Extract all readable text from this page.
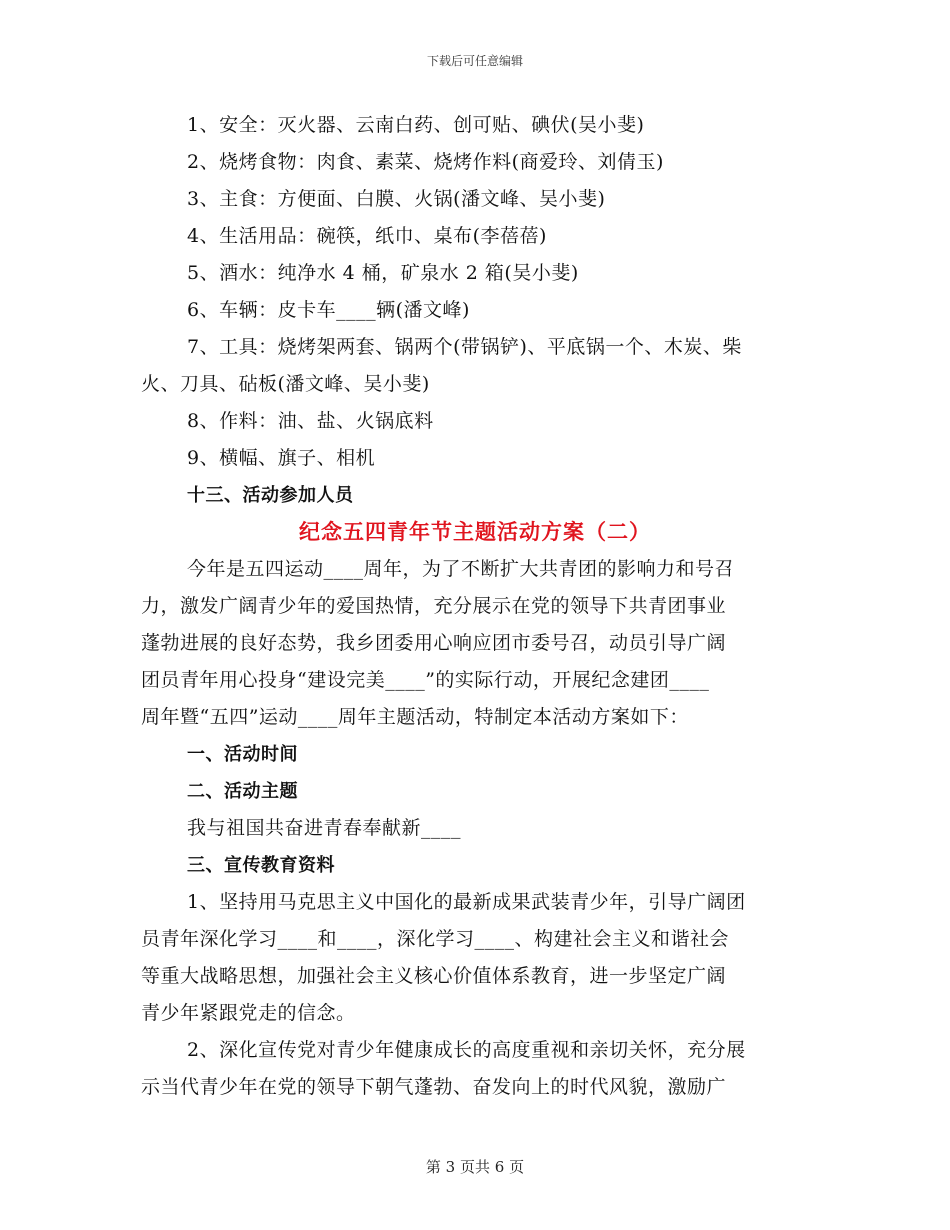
下载后可任意编辑
1、安全：灭火器、云南白药、创可贴、碘伏(吴小斐)
2、烧烤食物：肉食、素菜、烧烤作料(商爱玲、刘倩玉)
3、主食：方便面、白膜、火锅(潘文峰、吴小斐)
4、生活用品：碗筷，纸巾、桌布(李蓓蓓)
5、酒水：纯净水 4 桶，矿泉水 2 箱(吴小斐)
6、车辆：皮卡车____辆(潘文峰)
7、工具：烧烤架两套、锅两个(带锅铲)、平底锅一个、木炭、柴
火、刀具、砧板(潘文峰、吴小斐)
8、作料：油、盐、火锅底料
9、横幅、旗子、相机
十三、活动参加人员
纪念五四青年节主题活动方案（二）
今年是五四运动____周年，为了不断扩大共青团的影响力和号召
力，激发广阔青少年的爱国热情，充分展示在党的领导下共青团事业
蓬勃进展的良好态势，我乡团委用心响应团市委号召，动员引导广阔
团员青年用心投身“建设完美____”的实际行动，开展纪念建团____
周年暨“五四”运动____周年主题活动，特制定本活动方案如下：
一、活动时间
二、活动主题
我与祖国共奋进青春奉献新____
三、宣传教育资料
1、坚持用马克思主义中国化的最新成果武装青少年，引导广阔团
员青年深化学习____和____，深化学习____、构建社会主义和谐社会
等重大战略思想，加强社会主义核心价值体系教育，进一步坚定广阔
青少年紧跟党走的信念。
2、深化宣传党对青少年健康成长的高度重视和亲切关怀，充分展
示当代青少年在党的领导下朝气蓬勃、奋发向上的时代风貌，激励广
第 3 页共 6 页
